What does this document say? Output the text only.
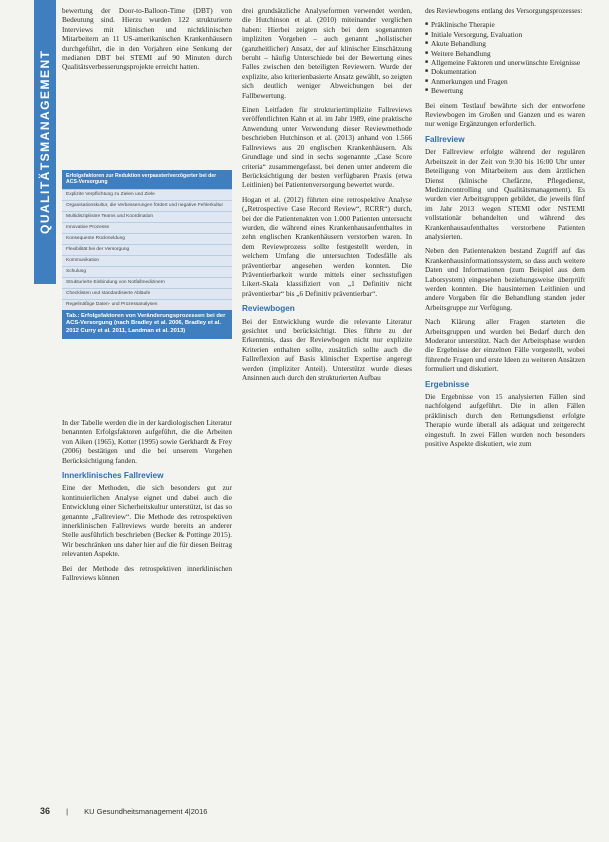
QUALITÄTSMANAGEMENT

bewertung der Door-to-Balloon-Time (DBT) von Bedeutung sind. Hierzu wurden 122 strukturierte Interviews mit klinischen und nichtklinischen Mitarbeitern an 11 US-amerikanischen Krankenhäusern durchgeführt, die in den Vorjahren eine Senkung der medianen DBT bei STEMI auf 90 Minuten durch Qualitätsverbesserungsprojekte erreicht hatten.

Erfolgsfaktoren zur Reduktion verpasster/verzögerter bei der ACS-Versorgung
Explizite Verpflichtung zu Zielen und Ziele
Organisationskultur, die Verbesserungen fördert und negative Fehlerkultur
Multidisziplinäre Teams und Koordination
Innovative Prozesse
Konsequente Rückmeldung
Flexibilität bei der Versorgung
Kommunikation
Schulung
Strukturierte Einbindung von Notfallmedizinern
Checklisten und standardisierte Abläufe
Regelmäßige Daten- und Prozessanalysen
Tab.: Erfolgsfaktoren von Veränderungsprozessen bei der ACS-Versorgung (nach Bradley et al. 2006, Bradley et al. 2012 Curry et al. 2011, Landman et al. 2013)

In der Tabelle werden die in der kardiologischen Literatur benannten Erfolgsfaktoren aufgeführt, die die Arbeiten von Aiken (1965), Kotter (1995) sowie Gerkhardt & Frey (2006) bestätigen und die bei unserem Vorgehen Berücksichtigung fanden.

Innerklinisches Fallreview

Eine der Methoden, die sich besonders gut zur kontinuierlichen Analyse eignet und dabei auch die Entwicklung einer Sicherheitskultur unterstützt, ist das so genannte „Fallreview“. Die Methode des retrospektiven innerklinischen Fallreviews wurde bereits an anderer Stelle ausführlich beschrieben (Becker & Pottinge 2015). Wir beschränken uns daher hier auf die für diesen Beitrag relevanten Aspekte.

Bei der Methode des retrospektiven innerklinischen Fallreviews können

drei grundsätzliche Analyseformen verwendet werden, die Hutchinson et al. (2010) miteinander verglichen haben: Hierbei zeigten sich bei dem sogenannten impliziten Vorgehen – auch genannt „holistischer (ganzheitlicher) Ansatz, der auf klinischer Einschätzung beruht – häufig Unterschiede bei der Bewertung eines Falles zwischen den beteiligten Reviewern. Wurde der explizite, also kriterienbasierte Ansatz gewählt, so zeigten sich deutlich weniger Abweichungen bei der Fallbewertung.

Einen Leitfaden für strukturiertimplizite Fallreviews veröffentlichten Kahn et al. im Jahr 1989, eine praktische Anwendung unter Verwendung dieser Reviewmethode beschrieben Hutchinson et al. (2013) anhand von 1.566 Fallreviews aus 20 englischen Krankenhäusern. Als Grundlage und sind in sechs sogenannte „Case Score criteria“ zusammengefasst, bei denen unter anderem die Berücksichtigung der besten verfügbaren Praxis (etwa Leitlinien) bei Patientenversorgung bewertet wurde.

Hogan et al. (2012) führten eine retrospektive Analyse („Retrospective Case Record Review“, RCRR“) durch, bei der die Patientenakten von 1.000 Patienten untersucht wurden, die während eines Krankenhausaufenthaltes in zehn englischen Krankenhäusern verstorben waren. In dem Reviewprozess sollte festgestellt werden, in welchem Umfang die untersuchten Todesfälle als präventierbar angesehen werden konnten. Die Präventierbarkeit wurde mittels einer sechsstufigen Likert-Skala klassifiziert von „1 Definitiv nicht präventierbar“ bis „6 Definitiv präventierbar“.

Reviewbogen

Bei der Entwicklung wurde die relevante Literatur gesichtet und berücksichtigt. Dies führte zu der Erkenntnis, dass der Reviewbogen nicht nur explizite Kriterien enthalten sollte, zusätzlich sollte auch die Fallreflexion auf Basis klinischer Expertise angeregt werden (impliziter Anteil). Unterstützt wurde dieses Ansinnen auch durch den strukturierten Aufbau

des Reviewbogens entlang des Versorgungsprozesses:

■ Präklinische Therapie
■ Initiale Versorgung, Evaluation
■ Akute Behandlung
■ Weitere Behandlung
■ Allgemeine Faktoren und unerwünschte Ereignisse
■ Dokumentation
■ Anmerkungen und Fragen
■ Bewertung

Bei einem Testlauf bewährte sich der entworfene Reviewbogen im Großen und Ganzen und es waren nur wenige Ergänzungen erforderlich.

Fallreview

Der Fallreview erfolgte während der regulären Arbeitszeit in der Zeit von 9:30 bis 16:00 Uhr unter Beteiligung von Mitarbeitern aus dem ärztlichen Dienst (klinische Chefärzte, Pflegedienst, Medizincontrolling und Qualitätsmanagement). Es wurden vier Arbeitsgruppen gebildet, die jeweils fünf im Jahr 2013 wegen STEMI oder NSTEMI vollstationär behandelten und während des Krankenhausaufenthaltes verstorbene Patienten analysierten.

Neben den Patientenakten bestand Zugriff auf das Krankenhausinformationssystem, so dass auch weitere Daten und Informationen (zum Beispiel aus dem Laborsystem) eingesehen beziehungsweise überprüft werden konnten. Die hausinternen Leitlinien und andere Vorgaben für die Behandlung standen jeder Arbeitsgruppe zur Verfügung.

Nach Klärung aller Fragen starteten die Arbeitsgruppen und wurden bei Bedarf durch den Moderator unterstützt. Nach der Arbeitsphase wurden die Ergebnisse der einzelnen Fälle vorgestellt, wobei führende Fragen und erste Ideen zu weiteren Ansätzen formuliert und diskutiert.

Ergebnisse

Die Ergebnisse von 15 analysierten Fällen sind nachfolgend aufgeführt. Die in allen Fällen präklinisch durch den Rettungsdienst erfolgte Therapie wurde überall als adäquat und zeitgerecht eingestuft. In zwei Fällen wurden noch besonders positive Aspekte diskutiert, wie zum

36 | KU Gesundheitsmanagement 4|2016
